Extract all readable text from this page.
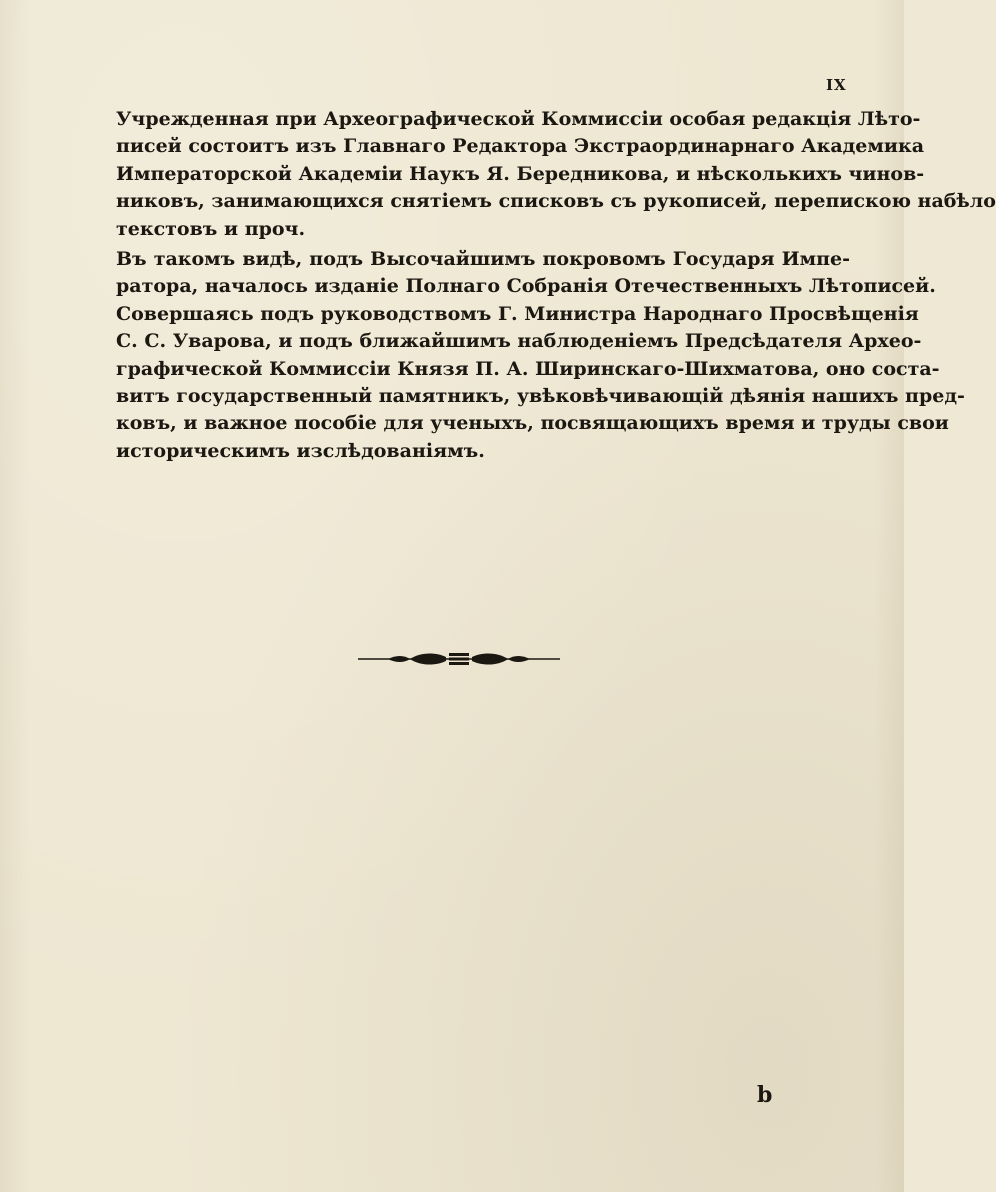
IX
Учрежденная при Археографической Коммиссіи особая редакція Лѣто-
писей состоитъ изъ Главнаго Редактора Экстраординарнаго Академика
Императорской Академіи Наукъ Я. Бередникова, и нѣсколькихъ чинов-
никовъ, занимающихся снятіемъ списковъ съ рукописей, перепискою набѣло
текстовъ и проч.
Въ такомъ видѣ, подъ Высочайшимъ покровомъ Государя Импе-
ратора, началось изданіе Полнаго Собранія Отечественныхъ Лѣтописей.
Совершаясь подъ руководствомъ Г. Министра Народнаго Просвѣщенія
С. С. Уварова, и подъ ближайшимъ наблюденіемъ Предсѣдателя Архео-
графической Коммиссіи Князя П. А. Ширинскаго-Шихматова, оно соста-
витъ государственный памятникъ, увѣковѣчивающій дѣянія нашихъ пред-
ковъ, и важное пособіе для ученыхъ, посвящающихъ время и труды свои
историческимъ изслѣдованіямъ.
b
